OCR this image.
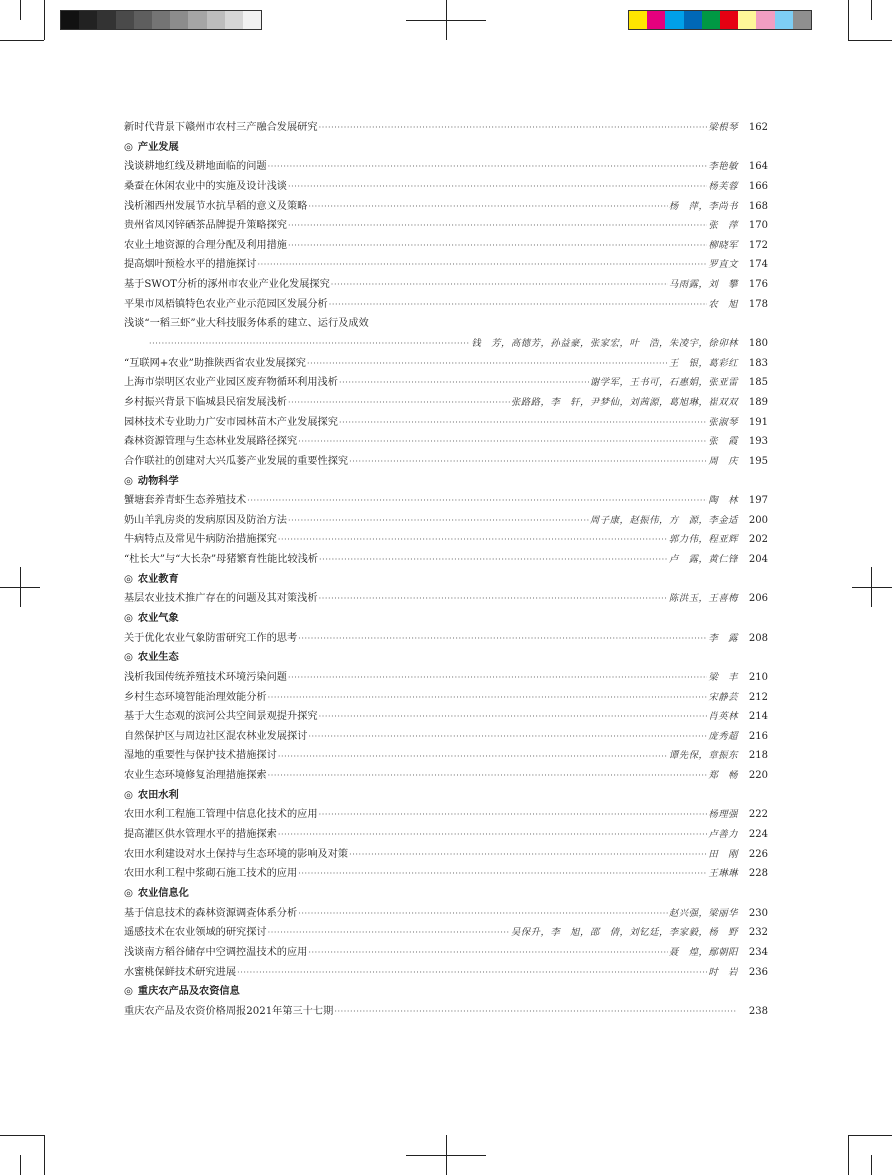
新时代背景下赣州市农村三产融合发展研究 ·····	梁根琴	162
◎ 产业发展
浅谈耕地红线及耕地面临的问题 ·····	李艳敏	164
桑蚕在休闲农业中的实施及设计浅谈 ·····	杨芙蓉	166
浅析湘西州发展节水抗旱稻的意义及策略 ·····	杨　萍，李尚书	168
贵州省凤冈锌硒茶品牌提升策略探究 ·····	张　萍	170
农业土地资源的合理分配及利用措施 ·····	柳晓军	172
提高烟叶预检水平的措施探讨 ·····	罗直文	174
基于SWOT分析的涿州市农业产业化发展探究 ·····	马雨露，刘　攀	176
平果市凤梧镇特色农业产业示范园区发展分析 ·····	农　旭	178
浅谈“一稻三虾”业大科技服务体系的建立、运行及成效
·····
钱　芳，高德芳，孙益豪，张家宏，叶　浩，朱凌宇，徐卯林	180
“互联网+农业”助推陕西省农业发展探究 ·····	王　银，葛彩红	183
上海市崇明区农业产业园区废弃物循环利用浅析 ·····	谢学军，王书可，石惠娟，张亚雷	185
乡村振兴背景下临城县民宿发展浅析 ·····	张路路，李　轩，尹梦仙，刘茜源，葛旭琳，崔双双	189
园林技术专业助力广安市园林苗木产业发展探究 ·····	张淑琴	191
森林资源管理与生态林业发展路径探究 ·····	张　霞	193
合作联社的创建对大兴瓜蒌产业发展的重要性探究 ·····	周　庆	195
◎ 动物科学
蟹塘套养青虾生态养殖技术 ·····	陶　林	197
奶山羊乳房炎的发病原因及防治方法 ·····	周子康，赵振伟，方　源，李金适	200
牛病特点及常见牛病防治措施探究 ·····	郭力伟，程亚辉	202
“杜长大”与“大长杂”母猪繁育性能比较浅析 ·····	卢　露，黄仁锋	204
◎ 农业教育
基层农业技术推广存在的问题及其对策浅析 ·····	陈洪玉，王喜梅	206
◎ 农业气象
关于优化农业气象防雷研究工作的思考 ·····	李　露	208
◎ 农业生态
浅析我国传统养殖技术环境污染问题 ·····	梁　丰	210
乡村生态环境智能治理效能分析 ·····	宋静芸	212
基于大生态观的滨河公共空间景观提升探究 ·····	肖英林	214
自然保护区与周边社区混农林业发展探讨 ·····	庞秀超	216
湿地的重要性与保护技术措施探讨 ·····	谭先保，章振东	218
农业生态环境修复治理措施探索 ·····	郑　畅	220
◎ 农田水利
农田水利工程施工管理中信息化技术的应用 ·····	杨理强	222
提高灌区供水管理水平的措施探索 ·····	卢善力	224
农田水利建设对水土保持与生态环境的影响及对策 ·····	田　刚	226
农田水利工程中浆砌石施工技术的应用 ·····	王琳琳	228
◎ 农业信息化
基于信息技术的森林资源调查体系分析 ·····	赵兴强，梁丽华	230
遥感技术在农业领域的研究探讨 ·····	吴保升，李　旭，邵　倩，刘钇廷，李家毅，杨　野	232
浅谈南方稻谷储存中空调控温技术的应用 ·····	聂　煌，鄢朝阳	234
水蜜桃保鲜技术研究进展 ·····	时　岩	236
◎ 重庆农产品及农资信息
重庆农产品及农资价格周报2021年第三十七期 ·····	238
